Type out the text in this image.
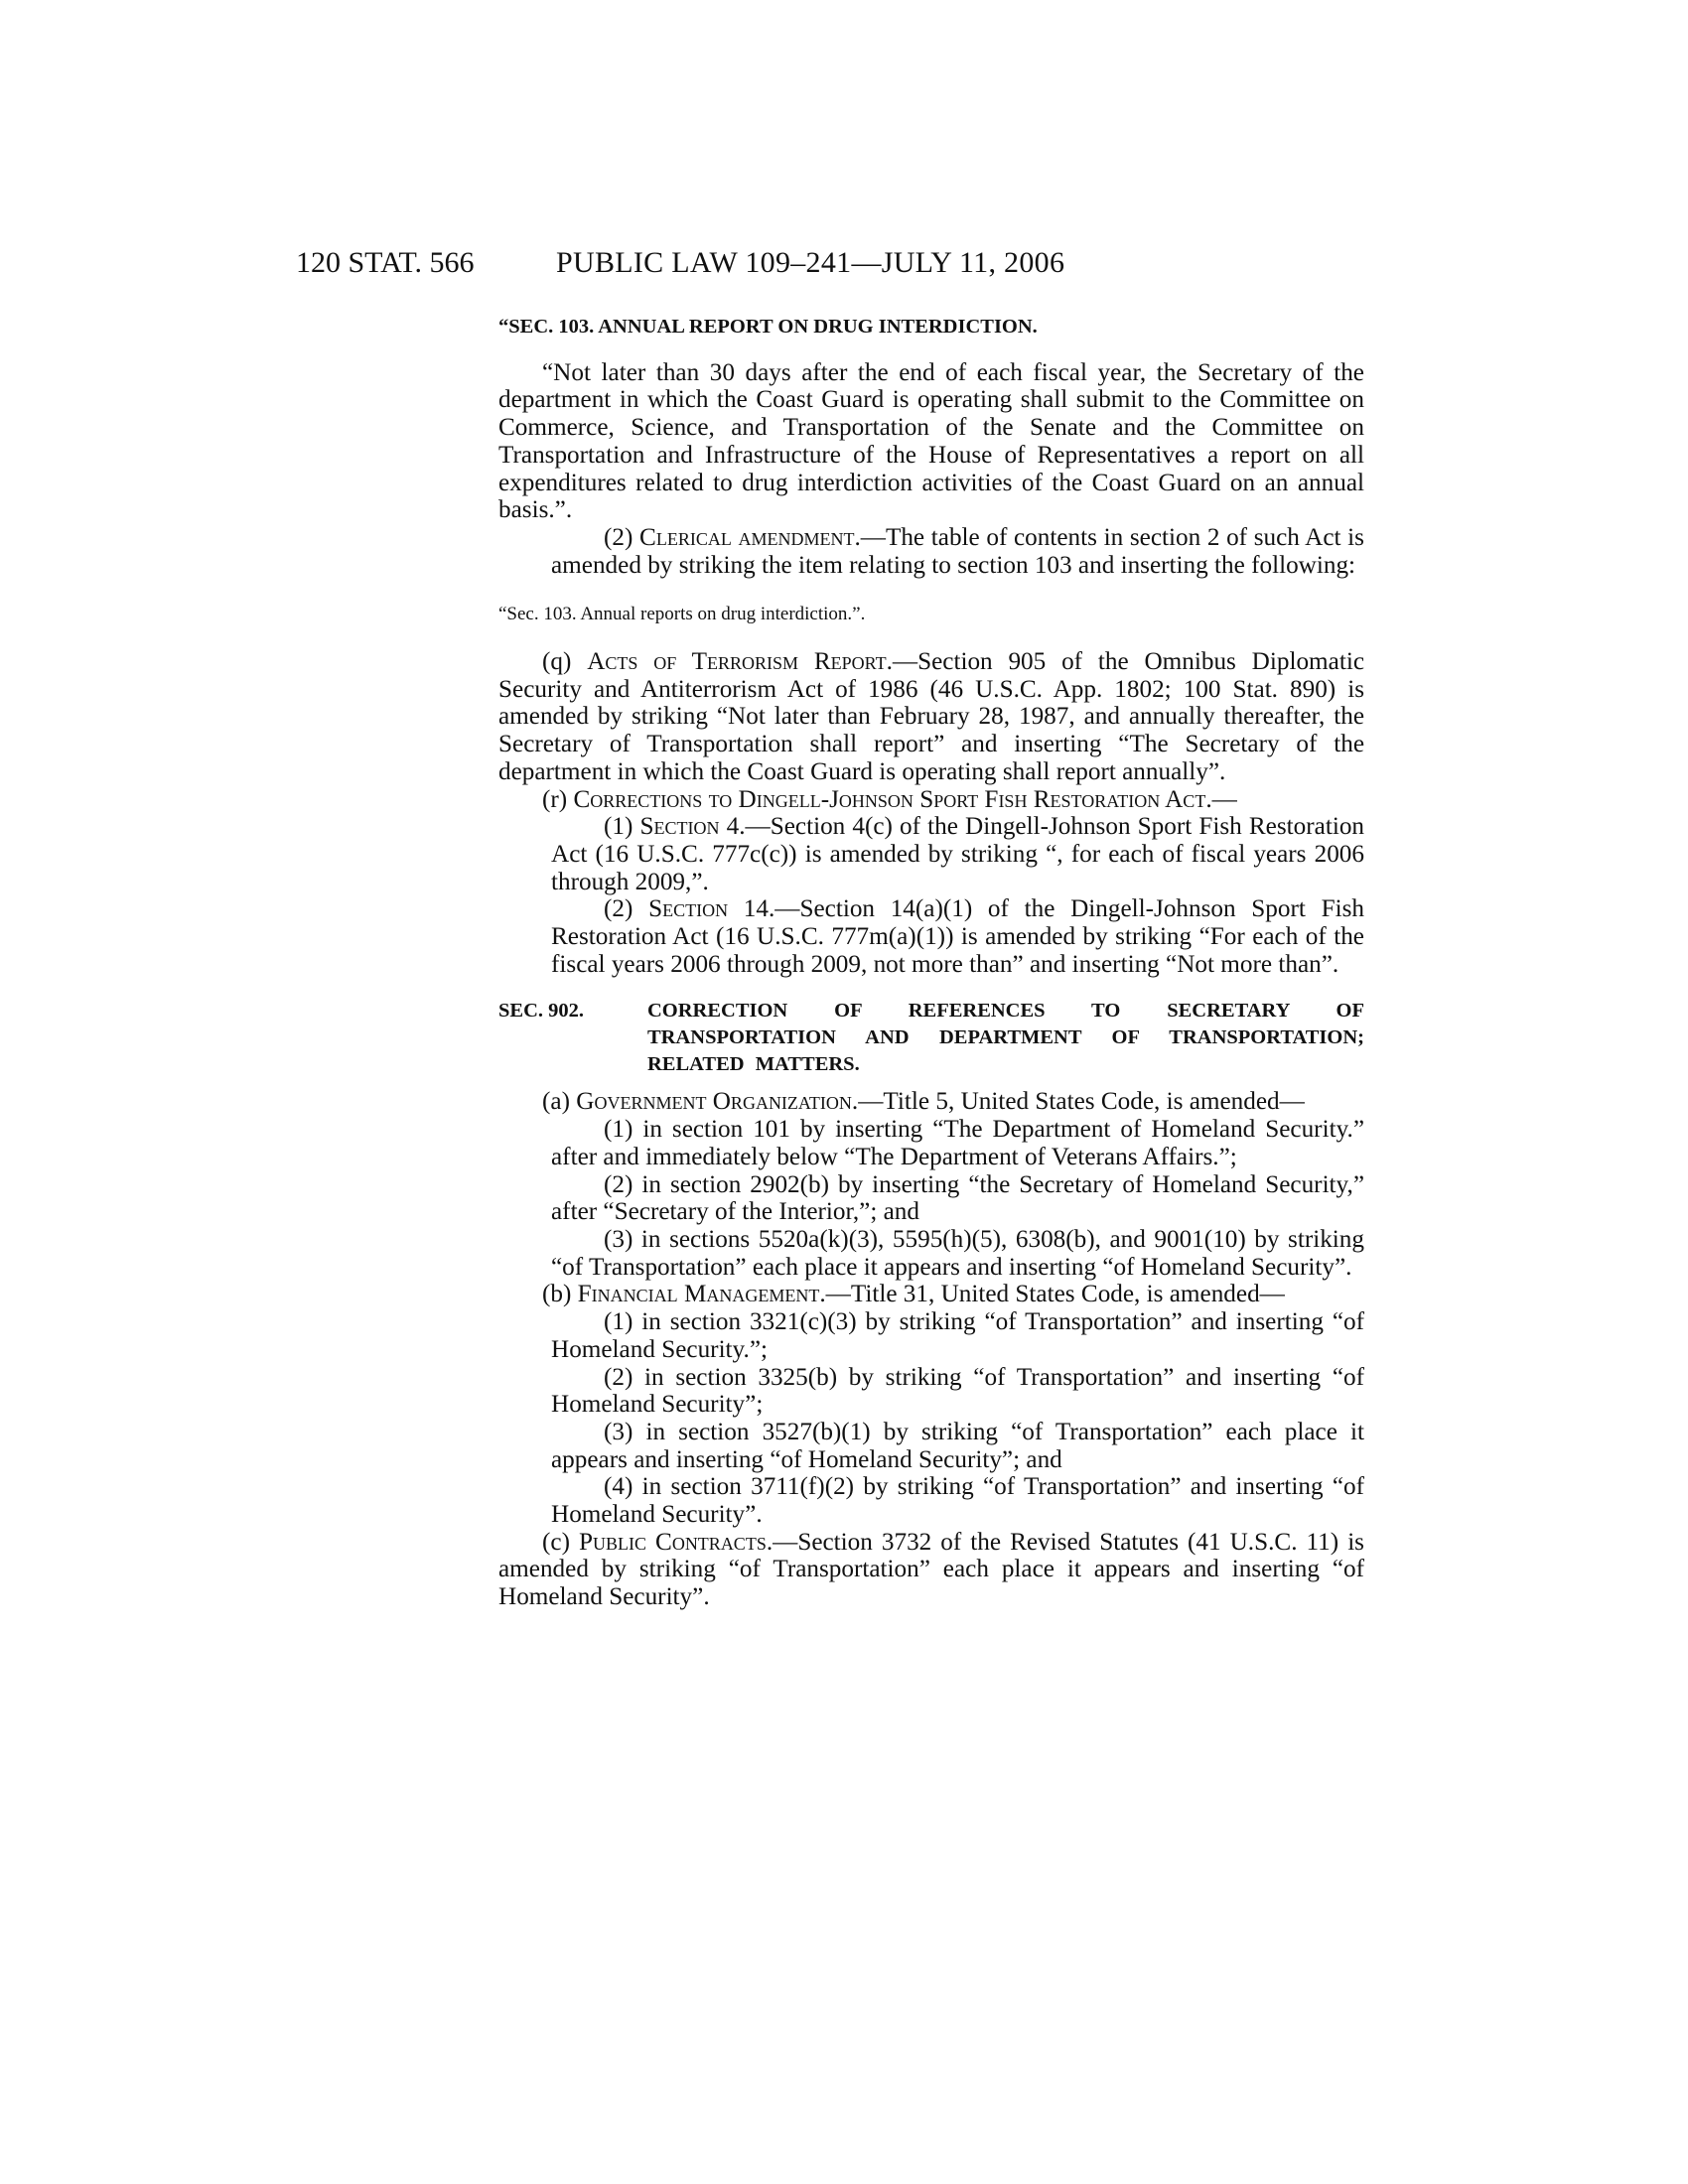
120 STAT. 566	PUBLIC LAW 109–241—JULY 11, 2006

“SEC. 103. ANNUAL REPORT ON DRUG INTERDICTION.

“Not later than 30 days after the end of each fiscal year, the Secretary of the department in which the Coast Guard is operating shall submit to the Committee on Commerce, Science, and Transportation of the Senate and the Committee on Transportation and Infrastructure of the House of Representatives a report on all expenditures related to drug interdiction activities of the Coast Guard on an annual basis.”.

(2) Clerical amendment.—The table of contents in section 2 of such Act is amended by striking the item relating to section 103 and inserting the following:

“Sec. 103. Annual reports on drug interdiction.”.

(q) Acts of Terrorism Report.—Section 905 of the Omnibus Diplomatic Security and Antiterrorism Act of 1986 (46 U.S.C. App. 1802; 100 Stat. 890) is amended by striking “Not later than February 28, 1987, and annually thereafter, the Secretary of Transportation shall report” and inserting “The Secretary of the department in which the Coast Guard is operating shall report annually”.

(r) Corrections to Dingell-Johnson Sport Fish Restoration Act.—

(1) Section 4.—Section 4(c) of the Dingell-Johnson Sport Fish Restoration Act (16 U.S.C. 777c(c)) is amended by striking “, for each of fiscal years 2006 through 2009,”.

(2) Section 14.—Section 14(a)(1) of the Dingell-Johnson Sport Fish Restoration Act (16 U.S.C. 777m(a)(1)) is amended by striking “For each of the fiscal years 2006 through 2009, not more than” and inserting “Not more than”.

SEC. 902.	CORRECTION OF REFERENCES TO SECRETARY OF TRANSPORTATION AND DEPARTMENT OF TRANSPORTATION; RELATED MATTERS.

(a) Government Organization.—Title 5, United States Code, is amended—

(1) in section 101 by inserting “The Department of Homeland Security.” after and immediately below “The Department of Veterans Affairs.”;

(2) in section 2902(b) by inserting “the Secretary of Homeland Security,” after “Secretary of the Interior,”; and

(3) in sections 5520a(k)(3), 5595(h)(5), 6308(b), and 9001(10) by striking “of Transportation” each place it appears and inserting “of Homeland Security”.

(b) Financial Management.—Title 31, United States Code, is amended—

(1) in section 3321(c)(3) by striking “of Transportation” and inserting “of Homeland Security.”;

(2) in section 3325(b) by striking “of Transportation” and inserting “of Homeland Security”;

(3) in section 3527(b)(1) by striking “of Transportation” each place it appears and inserting “of Homeland Security”; and

(4) in section 3711(f)(2) by striking “of Transportation” and inserting “of Homeland Security”.

(c) Public Contracts.—Section 3732 of the Revised Statutes (41 U.S.C. 11) is amended by striking “of Transportation” each place it appears and inserting “of Homeland Security”.
